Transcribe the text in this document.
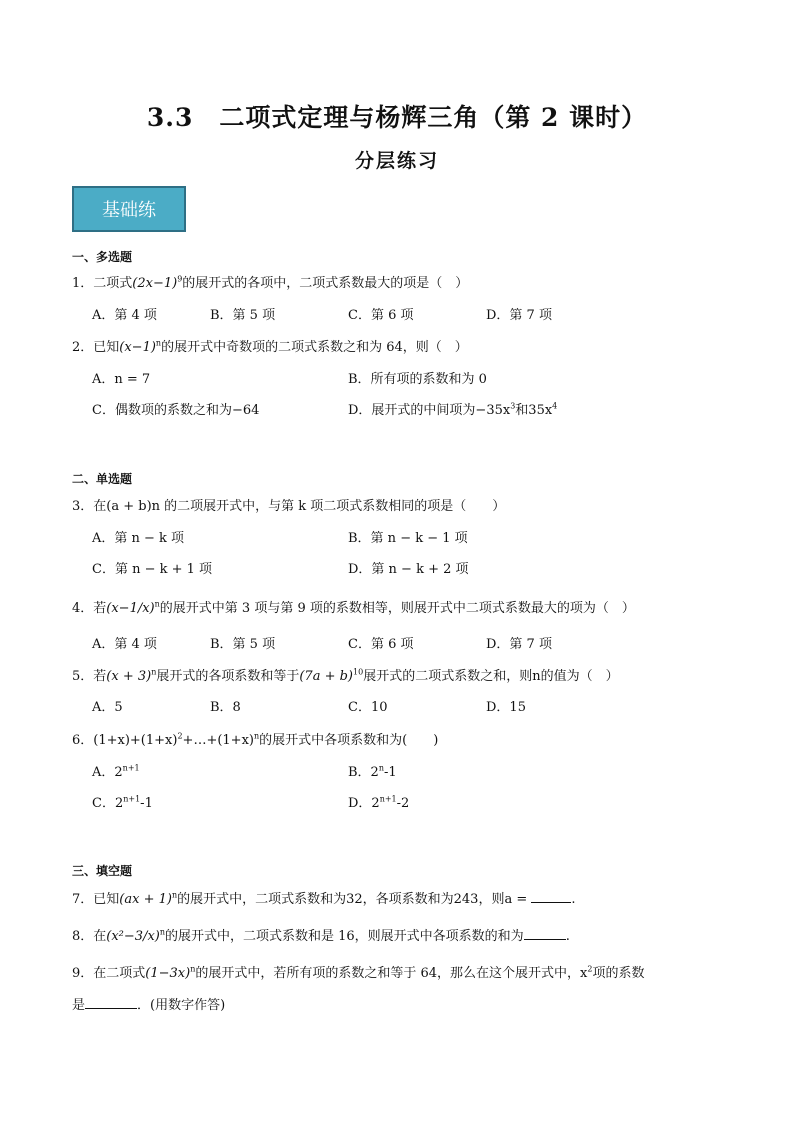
3.3　二项式定理与杨辉三角（第 2 课时）
分层练习
基础练
一、多选题
1．二项式$(2x-1)^9$的展开式的各项中，二项式系数最大的项是（　）
A．第 4 项	B．第 5 项	C．第 6 项	D．第 7 项
2．已知$(x-1)^n$的展开式中奇数项的二项式系数之和为 64，则（　）
A．n = 7	B．所有项的系数和为 0
C．偶数项的系数之和为−64	D．展开式的中间项为$-35x^3$和$35x^4$
二、单选题
3．在(a + b)n 的二项展开式中，与第 k 项二项式系数相同的项是（　　）
A．第 n − k 项	B．第 n − k − 1 项
C．第 n − k + 1 项	D．第 n − k + 2 项
4．若$(x-1/x)^n$的展开式中第 3 项与第 9 项的系数相等，则展开式中二项式系数最大的项为（　）
A．第 4 项	B．第 5 项	C．第 6 项	D．第 7 项
5．若$(x + 3)^n$展开式的各项系数和等于$(7a + b)^{10}$展开式的二项式系数之和，则n的值为（　）
A．5	B．8	C．10	D．15
6．$(1+x)+(1+x)^2+\dots+(1+x)^n$的展开式中各项系数和为(　　)
A．$2^{n+1}$	B．2$^n$-1
C．$2^{n+1}-1$	D．$2^{n+1}-2$
三、填空题
7．已知(ax + 1)$^n$的展开式中，二项式系数和为32，各项系数和为243，则a =	.
8．在$(x^2-3/x)^n$的展开式中，二项式系数和是 16，则展开式中各项系数的和为	.
9．在二项式$(1-3x)^n$的展开式中，若所有项的系数之和等于 64，那么在这个展开式中，$x^2$项的系数
是	．(用数字作答)
